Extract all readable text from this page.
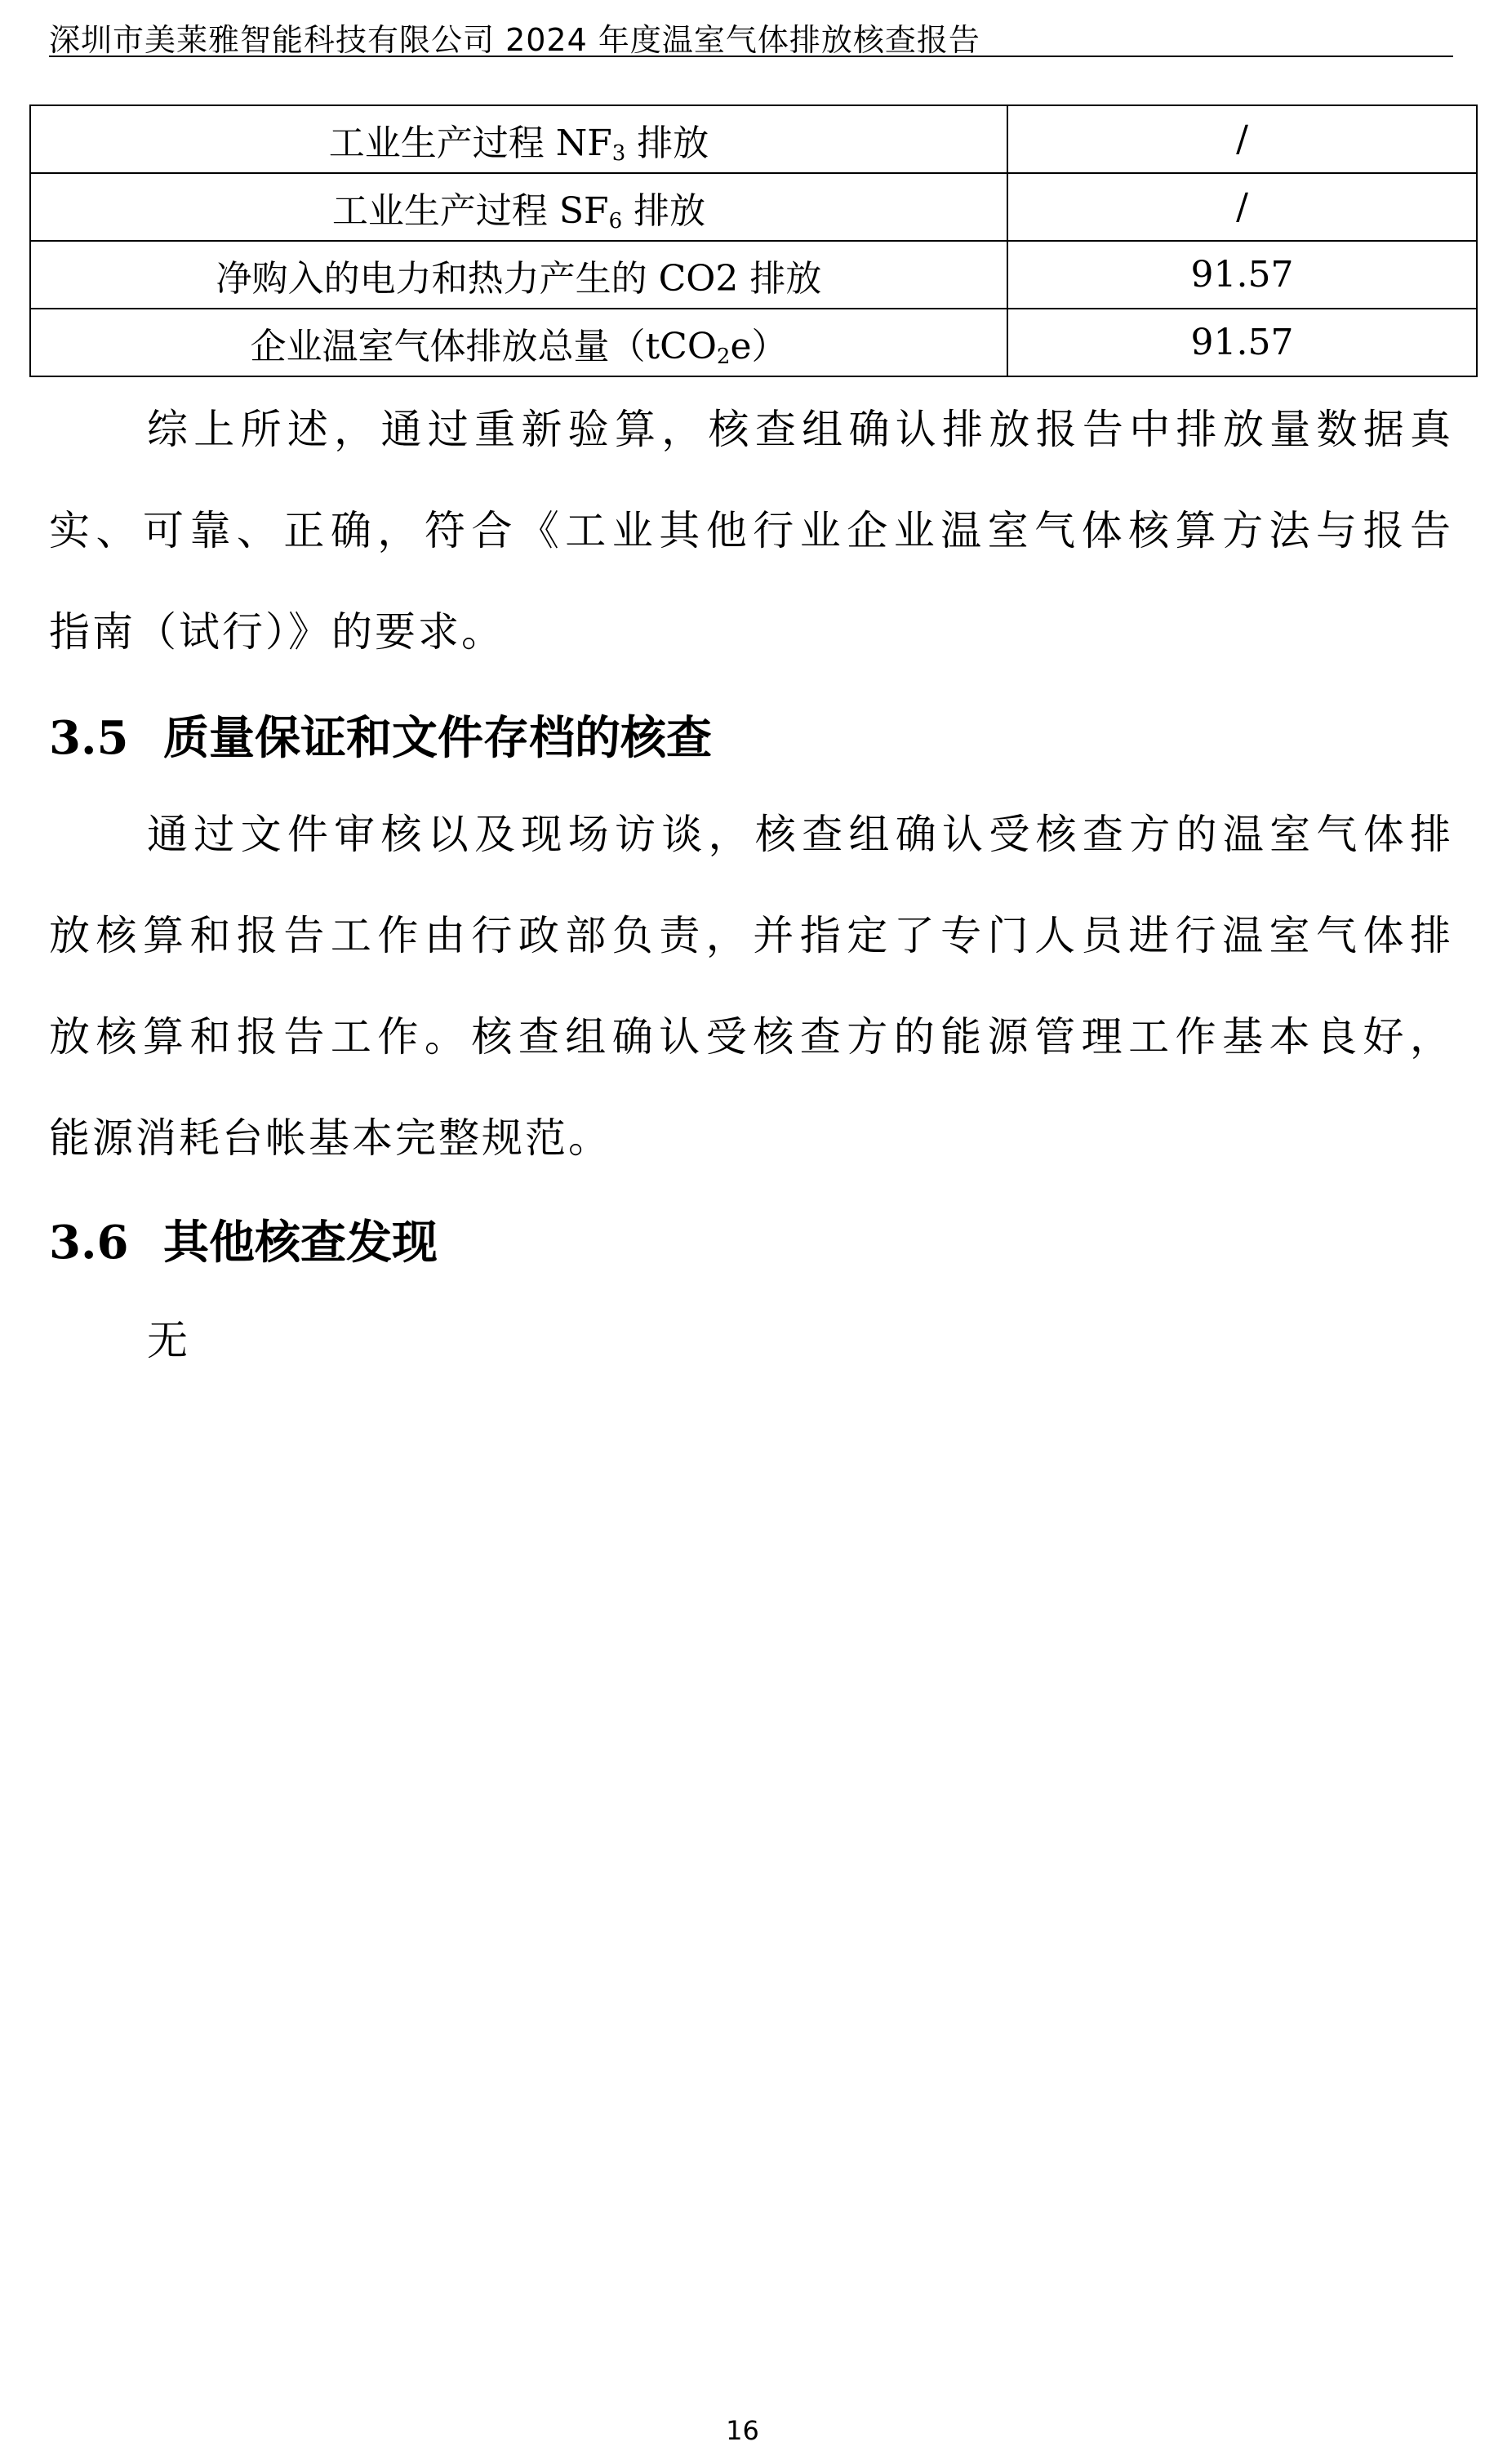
深圳市美莱雅智能科技有限公司 2024 年度温室气体排放核查报告
工业生产过程 $NF_3$ 排放	/
工业生产过程 $SF_6$ 排放	/
净购入的电力和热力产生的 CO2 排放	91.57
企业温室气体排放总量（tCO$_2$e）	91.57
综上所述，通过重新验算，核查组确认排放报告中排放量数据真
实、可靠、正确，符合《工业其他行业企业温室气体核算方法与报告
指南（试行）》的要求。
3.5 质量保证和文件存档的核查
通过文件审核以及现场访谈，核查组确认受核查方的温室气体排
放核算和报告工作由行政部负责，并指定了专门人员进行温室气体排
放核算和报告工作。核查组确认受核查方的能源管理工作基本良好，
能源消耗台帐基本完整规范。
3.6 其他核查发现
无
16
